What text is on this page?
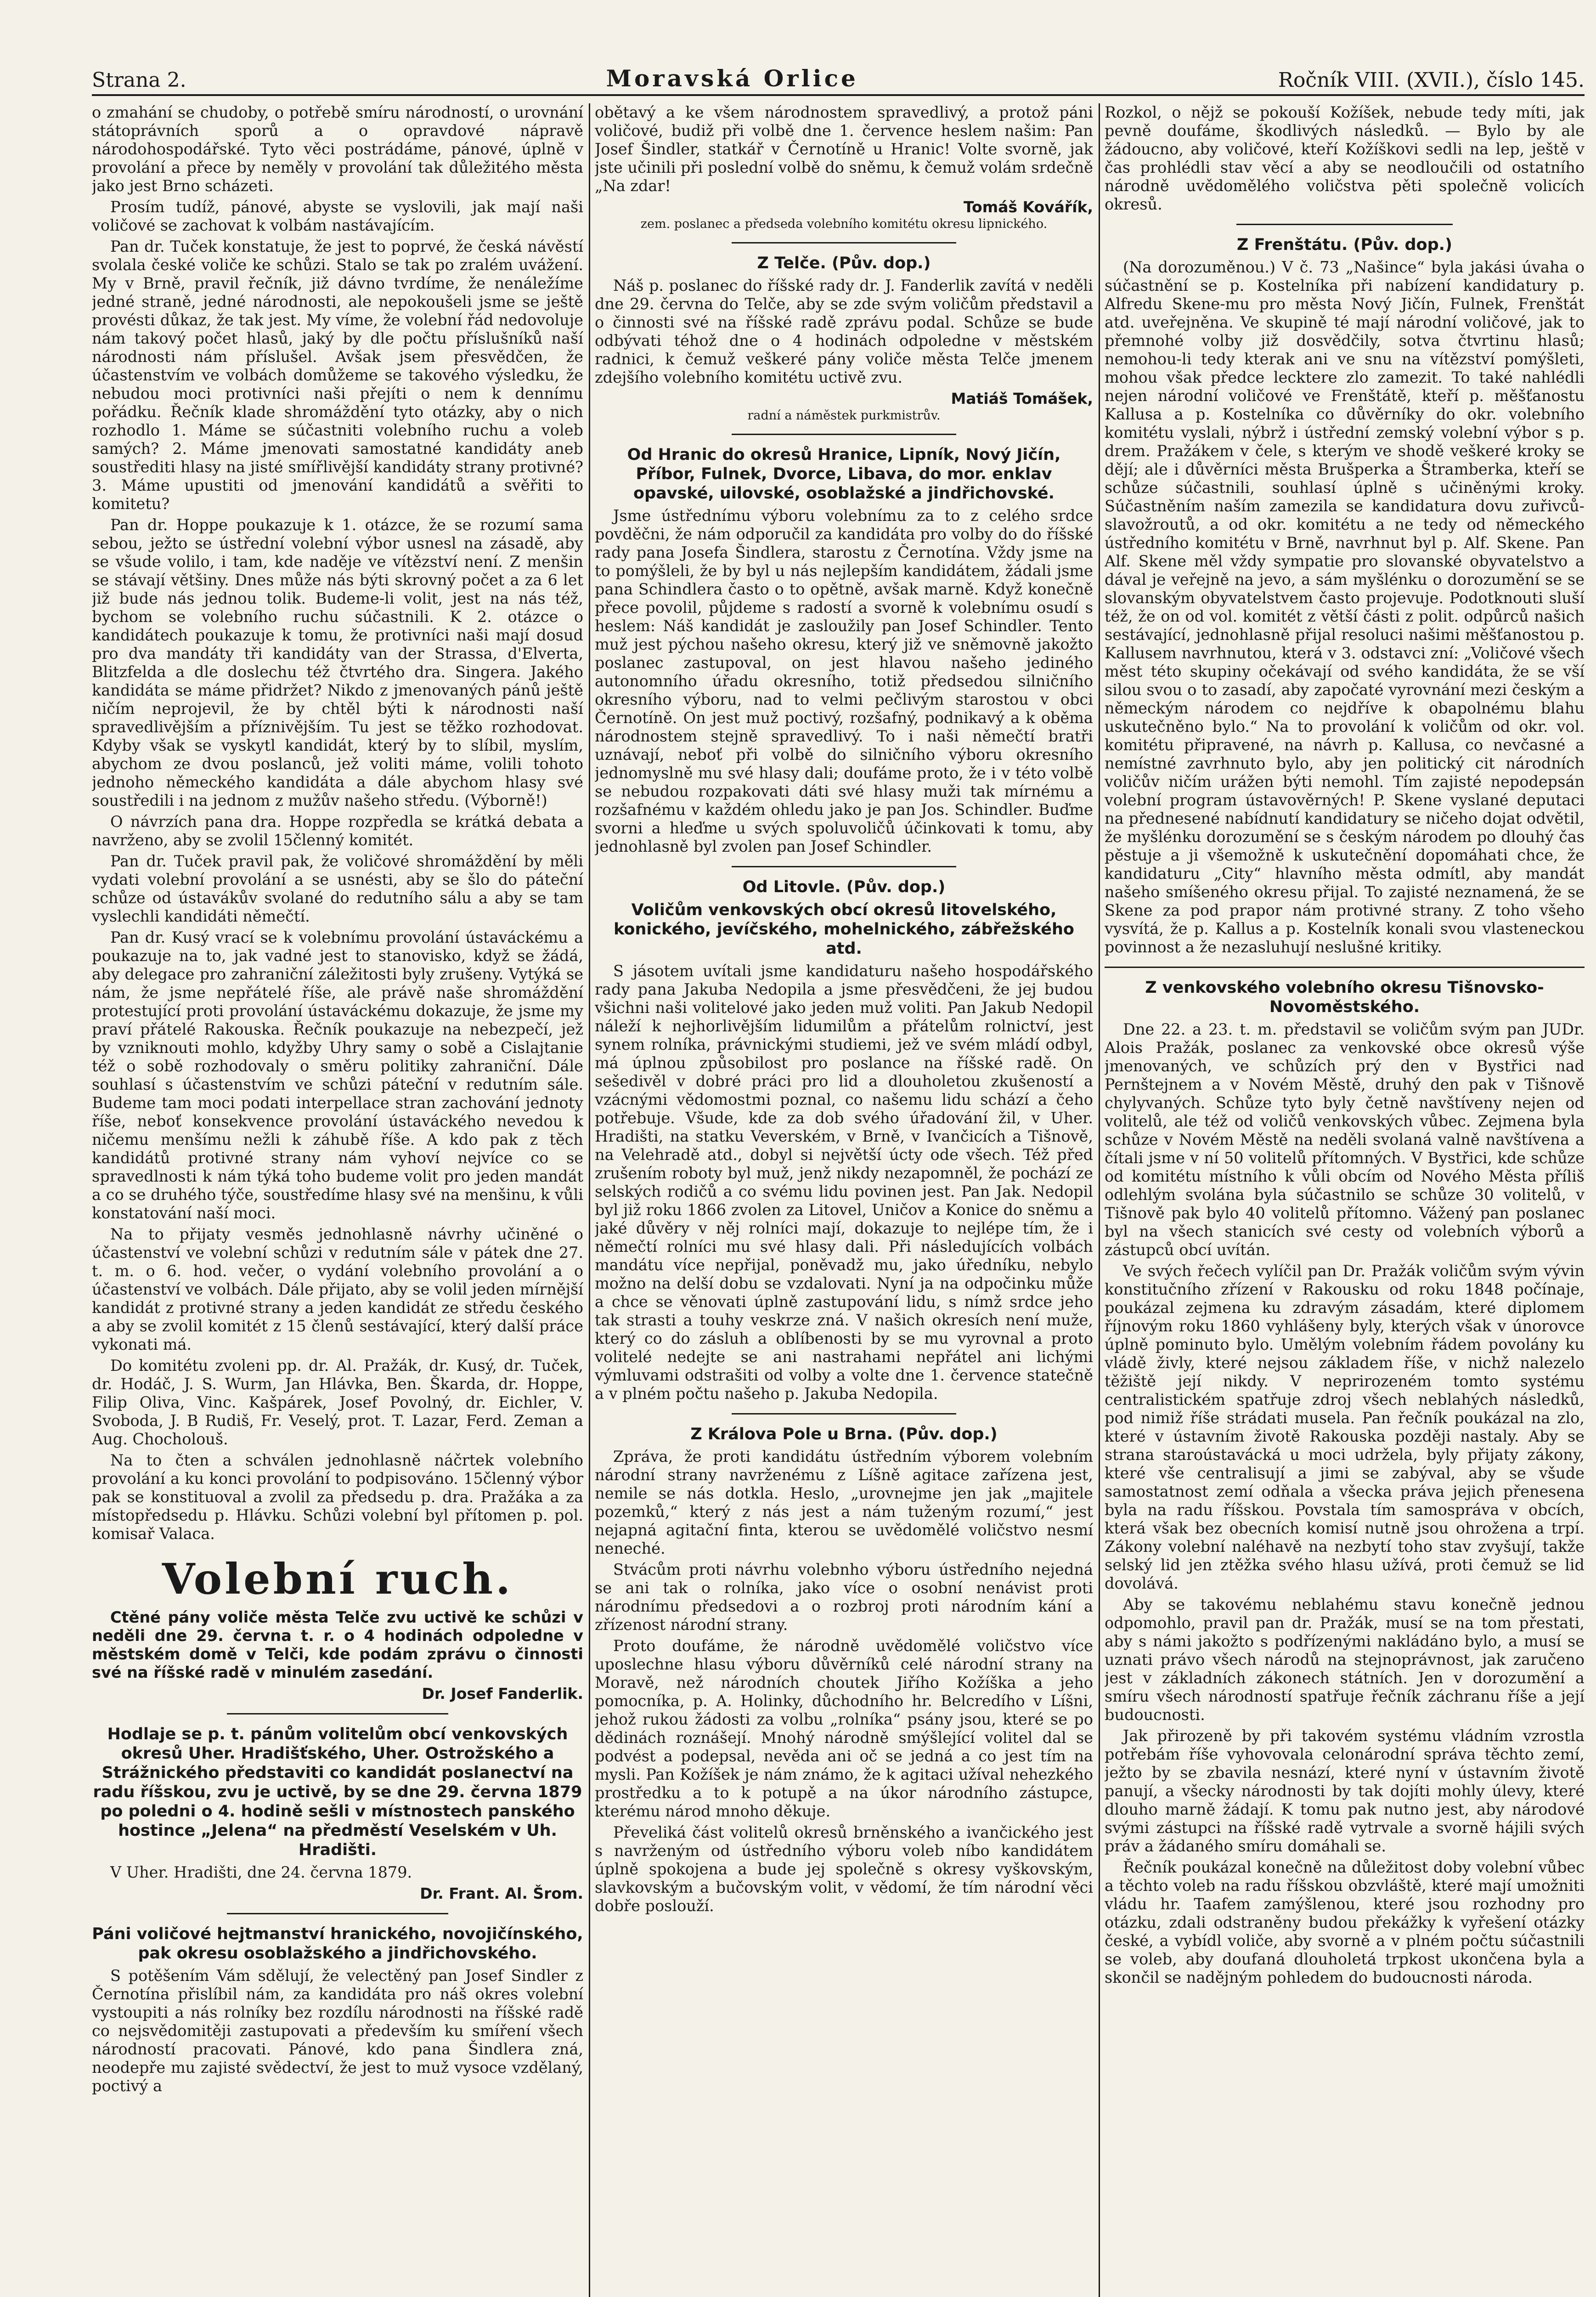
Strana 2.	Moravská Orlice	Ročník VIII. (XVII.), číslo 145.

o zmahání se chudoby, o potřebě smíru národností, o urovnání státoprávních sporů a o opravdové nápravě národohospodářské. Tyto věci postrádáme, pánové, úplně v provolání a přece by neměly v provolání tak důležitého města jako jest Brno scházeti.

Prosím tudíž, pánové, abyste se vyslovili, jak mají naši voličové se zachovat k volbám nastávajícím.

Pan dr. Tuček konstatuje, že jest to poprvé, že česká návěstí svolala české voliče ke schůzi. Stalo se tak po zralém uvážení. My v Brně, pravil řečník, již dávno tvrdíme, že nenáležíme jedné straně, jedné národnosti, ale nepokoušeli jsme se ještě provésti důkaz, že tak jest. My víme, že volební řád nedovoluje nám takový počet hlasů, jaký by dle počtu příslušníků naší národnosti nám příslušel. Avšak jsem přesvědčen, že účastenstvím ve volbách domůžeme se takového výsledku, že nebudou moci protivníci naši přejíti o nem k dennímu pořádku. Řečník klade shromáždění tyto otázky, aby o nich rozhodlo 1. Máme se súčastniti volebního ruchu a voleb samých? 2. Máme jmenovati samostatné kandidáty aneb soustřediti hlasy na jisté smířlivější kandidáty strany protivné? 3. Máme upustiti od jmenování kandidátů a svěřiti to komitetu?

Pan dr. Hoppe poukazuje k 1. otázce, že se rozumí sama sebou, ježto se ústřední volební výbor usnesl na zásadě, aby se všude volilo, i tam, kde naděje ve vítězství není. Z menšin se stávají většiny. Dnes může nás býti skrovný počet a za 6 let již bude nás jednou tolik. Budeme-li volit, jest na nás též, bychom se volebního ruchu súčastnili. K 2. otázce o kandidátech poukazuje k tomu, že protivníci naši mají dosud pro dva mandáty tři kandidáty van der Strassa, d'Elverta, Blitzfelda a dle doslechu též čtvrtého dra. Singera. Jakého kandidáta se máme přidržet? Nikdo z jmenovaných pánů ještě ničím neprojevil, že by chtěl býti k národnosti naší spravedlivějším a příznivějším. Tu jest se těžko rozhodovat. Kdyby však se vyskytl kandidát, který by to slíbil, myslím, abychom ze dvou poslanců, jež voliti máme, volili tohoto jednoho německého kandidáta a dále abychom hlasy své soustředili i na jednom z mužův našeho středu. (Výborně!)

O návrzích pana dra. Hoppe rozpředla se krátká debata a navrženo, aby se zvolil 15členný komitét.

Pan dr. Tuček pravil pak, že voličové shromáždění by měli vydati volební provolání a se usnésti, aby se šlo do páteční schůze od ústavákův svolané do redutního sálu a aby se tam vyslechli kandidáti němečtí.

Pan dr. Kusý vrací se k volebnímu provolání ústaváckému a poukazuje na to, jak vadné jest to stanovisko, když se žádá, aby delegace pro zahraniční záležitosti byly zrušeny. Vytýká se nám, že jsme nepřátelé říše, ale právě naše shromáždění protestující proti provolání ústaváckému dokazuje, že jsme my praví přátelé Rakouska. Řečník poukazuje na nebezpečí, jež by vzniknouti mohlo, kdyžby Uhry samy o sobě a Cislajtanie též o sobě rozhodovaly o směru politiky zahraniční. Dále souhlasí s účastenstvím ve schůzi páteční v redutním sále. Budeme tam moci podati interpellace stran zachování jednoty říše, neboť konsekvence provolání ústaváckého nevedou k ničemu menšímu nežli k záhubě říše. A kdo pak z těch kandidátů protivné strany nám vyhoví nejvíce co se spravedlnosti k nám týká toho budeme volit pro jeden mandát a co se druhého týče, soustředíme hlasy své na menšinu, k vůli konstatování naší moci.

Na to přijaty vesměs jednohlasně návrhy učiněné o účastenství ve volební schůzi v redutním sále v pátek dne 27. t. m. o 6. hod. večer, o vydání volebního provolání a o účastenství ve volbách. Dále přijato, aby se volil jeden mírnější kandidát z protivné strany a jeden kandidát ze středu českého a aby se zvolil komitét z 15 členů sestávající, který další práce vykonati má.

Do komitétu zvoleni pp. dr. Al. Pražák, dr. Kusý, dr. Tuček, dr. Hodáč, J. S. Wurm, Jan Hlávka, Ben. Škarda, dr. Hoppe, Filip Oliva, Vinc. Kašpárek, Josef Povolný, dr. Eichler, V. Svoboda, J. B Rudiš, Fr. Veselý, prot. T. Lazar, Ferd. Zeman a Aug. Chocholouš.

Na to čten a schválen jednohlasně náčrtek volebního provolání a ku konci provolání to podpisováno. 15členný výbor pak se konstituoval a zvolil za předsedu p. dra. Pražáka a za místopředsedu p. Hlávku. Schůzi volební byl přítomen p. pol. komisař Valaca.

Volební ruch.

Ctěné pány voliče města Telče zvu uctivě ke schůzi v neděli dne 29. června t. r. o 4 hodinách odpoledne v městském domě v Telči, kde podám zprávu o činnosti své na říšské radě v minulém zasedání.

Dr. Josef Fanderlik.

Hodlaje se p. t. pánům volitelům obcí venkovských okresů Uher. Hradišťského, Uher. Ostrožského a Strážnického představiti co kandidát poslanectví na radu říšskou, zvu je uctivě, by se dne 29. června 1879 po poledni o 4. hodině sešli v místnostech panského hostince „Jelena“ na předměstí Veselském v Uh. Hradišti.

V Uher. Hradišti, dne 24. června 1879.

Dr. Frant. Al. Šrom.

Páni voličové hejtmanství hranického, novojičínského, pak okresu osoblažského a jindřichovského.

S potěšením Vám sdělují, že velectěný pan Josef Sindler z Černotína přislíbil nám, za kandidáta pro náš okres volební vystoupiti a nás rolníky bez rozdílu národnosti na říšské radě co nejsvědomitěji zastupovati a především ku smíření všech národností pracovati. Pánové, kdo pana Šindlera zná, neodepře mu zajisté svědectví, že jest to muž vysoce vzdělaný, poctivý a

obětavý a ke všem národnostem spravedlivý, a protož páni voličové, budiž při volbě dne 1. července heslem našim: Pan Josef Šindler, statkář v Černotíně u Hranic! Volte svorně, jak jste učinili při poslední volbě do sněmu, k čemuž volám srdečně „Na zdar!

Tomáš Kovářík,

zem. poslanec a předseda volebního komitétu okresu lipnického.

Z Telče. (Pův. dop.)

Náš p. poslanec do říšské rady dr. J. Fanderlik zavítá v neděli dne 29. června do Telče, aby se zde svým voličům představil a o činnosti své na říšské radě zprávu podal. Schůze se bude odbývati téhož dne o 4 hodinách odpoledne v městském radnici, k čemuž veškeré pány voliče města Telče jmenem zdejšího volebního komitétu uctivě zvu.

Matiáš Tomášek,

radní a náměstek purkmistrův.

Od Hranic do okresů Hranice, Lipník, Nový Jičín, Příbor, Fulnek, Dvorce, Libava, do mor. enklav opavské, uilovské, osoblažské a jindřichovské.

Jsme ústřednímu výboru volebnímu za to z celého srdce povděčni, že nám odporučil za kandidáta pro volby do do říšské rady pana Josefa Šindlera, starostu z Černotína. Vždy jsme na to pomýšleli, že by byl u nás nejlepším kandidátem, žádali jsme pana Schindlera často o to opětně, avšak marně. Když konečně přece povolil, půjdeme s radostí a svorně k volebnímu osudí s heslem: Náš kandidát je zasloužily pan Josef Schindler. Tento muž jest pýchou našeho okresu, který již ve sněmovně jakožto poslanec zastupoval, on jest hlavou našeho jediného autonomního úřadu okresního, totiž předsedou silničního okresního výboru, nad to velmi pečlivým starostou v obci Černotíně. On jest muž poctivý, rozšafný, podnikavý a k oběma národnostem stejně spravedlivý. To i naši němečtí bratři uznávají, neboť při volbě do silničního výboru okresního jednomyslně mu své hlasy dali; doufáme proto, že i v této volbě se nebudou rozpakovati dáti své hlasy muži tak mírnému a rozšafnému v každém ohledu jako je pan Jos. Schindler. Buďme svorni a hleďme u svých spoluvoličů účinkovati k tomu, aby jednohlasně byl zvolen pan Josef Schindler.

Od Litovle. (Pův. dop.)

Voličům venkovských obcí okresů litovelského, konického, jevíčského, mohelnického, zábřežského atd.

S jásotem uvítali jsme kandidaturu našeho hospodářského rady pana Jakuba Nedopila a jsme přesvědčeni, že jej budou všichni naši volitelové jako jeden muž voliti. Pan Jakub Nedopil náleží k nejhorlivějším lidumilům a přátelům rolnictví, jest synem rolníka, právnickými studiemi, jež ve svém mládí odbyl, má úplnou způsobilost pro poslance na říšské radě. On sešedivěl v dobré práci pro lid a dlouholetou zkušeností a vzácnými vědomostmi poznal, co našemu lidu schází a čeho potřebuje. Všude, kde za dob svého úřadování žil, v Uher. Hradišti, na statku Veverském, v Brně, v Ivančicích a Tišnově, na Velehradě atd., dobyl si největší úcty ode všech. Též před zrušením roboty byl muž, jenž nikdy nezapomněl, že pochází ze selských rodičů a co svému lidu povinen jest. Pan Jak. Nedopil byl již roku 1866 zvolen za Litovel, Uničov a Konice do sněmu a jaké důvěry v něj rolníci mají, dokazuje to nejlépe tím, že i němečtí rolníci mu své hlasy dali. Při následujících volbách mandátu více nepřijal, poněvadž mu, jako úředníku, nebylo možno na delší dobu se vzdalovati. Nyní ja na odpočinku může a chce se věnovati úplně zastupování lidu, s nímž srdce jeho tak strasti a touhy veskrze zná. V našich okresích není muže, který co do zásluh a oblíbenosti by se mu vyrovnal a proto volitelé nedejte se ani nastrahami nepřátel ani lichými výmluvami odstrašiti od volby a volte dne 1. července statečně a v plném počtu našeho p. Jakuba Nedopila.

Z Králova Pole u Brna. (Pův. dop.)

Zpráva, že proti kandidátu ústředním výborem volebním národní strany navrženému z Líšně agitace zařízena jest, nemile se nás dotkla. Heslo, „urovnejme jen jak „majitele pozemků,“ který z nás jest a nám tuženým rozumí,“ jest nejapná agitační finta, kterou se uvědomělé voličstvo nesmí neneché.

Stvácům proti návrhu volebnho výboru ústředního nejedná se ani tak o rolníka, jako více o osobní nenávist proti národnímu předsedovi a o rozbroj proti národním kání a zřízenost národní strany.

Proto doufáme, že národně uvědomělé voličstvo více uposlechne hlasu výboru důvěrníků celé národní strany na Moravě, než národních choutek Jiřího Kožíška a jeho pomocníka, p. A. Holinky, důchodního hr. Belcredího v Líšni, jehož rukou žádosti za volbu „rolníka“ psány jsou, které se po dědinách roznášejí. Mnohý národně smýšlející volitel dal se podvést a podepsal, nevěda ani oč se jedná a co jest tím na mysli. Pan Kožíšek je nám známo, že k agitaci užíval nehezkého prostředku a to k potupě a na úkor národního zástupce, kterému národ mnoho děkuje.

Převeliká část volitelů okresů brněnského a ivančického jest s navrženým od ústředního výboru voleb níbo kandidátem úplně spokojena a bude jej společně s okresy vyškovským, slavkovským a bučovským volit, v vědomí, že tím národní věci dobře poslouží.

Rozkol, o nějž se pokouší Kožíšek, nebude tedy míti, jak pevně doufáme, škodlivých následků. — Bylo by ale žádoucno, aby voličové, kteří Kožíškovi sedli na lep, ještě v čas prohlédli stav věcí a aby se neodloučili od ostatního národně uvědomělého voličstva pěti společně volicích okresů.

Z Frenštátu. (Pův. dop.)

(Na dorozuměnou.) V č. 73 „Našince“ byla jakási úvaha o súčastnění se p. Kostelníka při nabízení kandidatury p. Alfredu Skene-mu pro města Nový Jičín, Fulnek, Frenštát atd. uveřejněna. Ve skupině té mají národní voličové, jak to přemnohé volby již dosvědčily, sotva čtvrtinu hlasů; nemohou-li tedy kterak ani ve snu na vítězství pomýšleti, mohou však předce lecktere zlo zamezit. To také nahlédli nejen národní voličové ve Frenštátě, kteří p. měšťanostu Kallusa a p. Kostelníka co důvěrníky do okr. volebního komitétu vyslali, nýbrž i ústřední zemský volební výbor s p. drem. Pražákem v čele, s kterým ve shodě veškeré kroky se dějí; ale i důvěrníci města Brušperka a Štramberka, kteří se schůze súčastnili, souhlasí úplně s učiněnými kroky. Súčastněním naším zamezila se kandidatura dovu zuřivců-slavožroutů, a od okr. komitétu a ne tedy od německého ústředního komitétu v Brně, navrhnut byl p. Alf. Skene. Pan Alf. Skene měl vždy sympatie pro slovanské obyvatelstvo a dával je veřejně na jevo, a sám myšlénku o dorozumění se se slovanským obyvatelstvem často projevuje. Podotknouti sluší též, že on od vol. komitét z větší části z polit. odpůrců našich sestávající, jednohlasně přijal resoluci našimi měšťanostou p. Kallusem navrhnutou, která v 3. odstavci zní: „Voličové všech měst této skupiny očekávají od svého kandidáta, že se vší silou svou o to zasadí, aby započaté vyrovnání mezi českým a německým národem co nejdříve k obapolnému blahu uskutečněno bylo.“ Na to provolání k voličům od okr. vol. komitétu připravené, na návrh p. Kallusa, co nevčasné a nemístné zavrhnuto bylo, aby jen politický cit národních voličův ničím urážen býti nemohl. Tím zajisté nepodepsán volební program ústavověrných! P. Skene vyslané deputaci na přednesené nabídnutí kandidatury se ničeho dojat odvětil, že myšlénku dorozumění se s českým národem po dlouhý čas pěstuje a ji všemožně k uskutečnění dopomáhati chce, že kandidaturu „City“ hlavního města odmítl, aby mandát našeho smíšeného okresu přijal. To zajisté neznamená, že se Skene za pod prapor nám protivné strany. Z toho všeho vysvítá, že p. Kallus a p. Kostelník konali svou vlasteneckou povinnost a že nezasluhují neslušné kritiky.

Z venkovského volebního okresu Tišnovsko-Novoměstského.

Dne 22. a 23. t. m. představil se voličům svým pan JUDr. Alois Pražák, poslanec za venkovské obce okresů výše jmenovaných, ve schůzích prý den v Bystřici nad Pernštejnem a v Novém Městě, druhý den pak v Tišnově chylyvaných. Schůze tyto byly četně navštíveny nejen od volitelů, ale též od voličů venkovských vůbec. Zejmena byla schůze v Novém Městě na neděli svolaná valně navštívena a čítali jsme v ní 50 volitelů přítomných. V Bystřici, kde schůze od komitétu místního k vůli obcím od Nového Města příliš odlehlým svolána byla súčastnilo se schůze 30 volitelů, v Tišnově pak bylo 40 volitelů přítomno. Vážený pan poslanec byl na všech stanicích své cesty od volebních výborů a zástupců obcí uvítán.

Ve svých řečech vylíčil pan Dr. Pražák voličům svým vývin konstitučního zřízení v Rakousku od roku 1848 počínaje, poukázal zejmena ku zdravým zásadám, které diplomem říjnovým roku 1860 vyhlášeny byly, kterých však v únorovce úplně pominuto bylo. Umělým volebním řádem povolány ku vládě živly, které nejsou základem říše, v nichž nalezelo těžiště její nikdy. V neprirozeném tomto systému centralistickém spatřuje zdroj všech neblahých následků, pod nimiž říše strádati musela. Pan řečník poukázal na zlo, které v ústavním životě Rakouska později nastaly. Aby se strana staroústavácká u moci udržela, byly přijaty zákony, které vše centralisují a jimi se zabýval, aby se všude samostatnost zemí odňala a všecka práva jejich přenesena byla na radu říšskou. Povstala tím samospráva v obcích, která však bez obecních komisí nutně jsou ohrožena a trpí. Zákony volební naléhavě na nezbytí toho stav zvyšují, takže selský lid jen ztěžka svého hlasu užívá, proti čemuž se lid dovolává.

Aby se takovému neblahému stavu konečně jednou odpomohlo, pravil pan dr. Pražák, musí se na tom přestati, aby s námi jakožto s podřízenými nakládáno bylo, a musí se uznati právo všech národů na stejnoprávnost, jak zaručeno jest v základních zákonech státních. Jen v dorozumění a smíru všech národností spatřuje řečník záchranu říše a její budoucnosti.

Jak přirozeně by při takovém systému vládním vzrostla potřebám říše vyhovovala celonárodní správa těchto zemí, ježto by se zbavila nesnází, které nyní v ústavním životě panují, a všecky národnosti by tak dojíti mohly úlevy, které dlouho marně žádají. K tomu pak nutno jest, aby národové svými zástupci na říšské radě vytrvale a svorně hájili svých práv a žádaného smíru domáhali se.

Řečník poukázal konečně na důležitost doby volební vůbec a těchto voleb na radu říšskou obzvláště, které mají umožniti vládu hr. Taafem zamýšlenou, které jsou rozhodny pro otázku, zdali odstraněny budou překážky k vyřešení otázky české, a vybídl voliče, aby svorně a v plném počtu súčastnili se voleb, aby doufaná dlouholetá trpkost ukončena byla a skončil se nadějným pohledem do budoucnosti národa.
